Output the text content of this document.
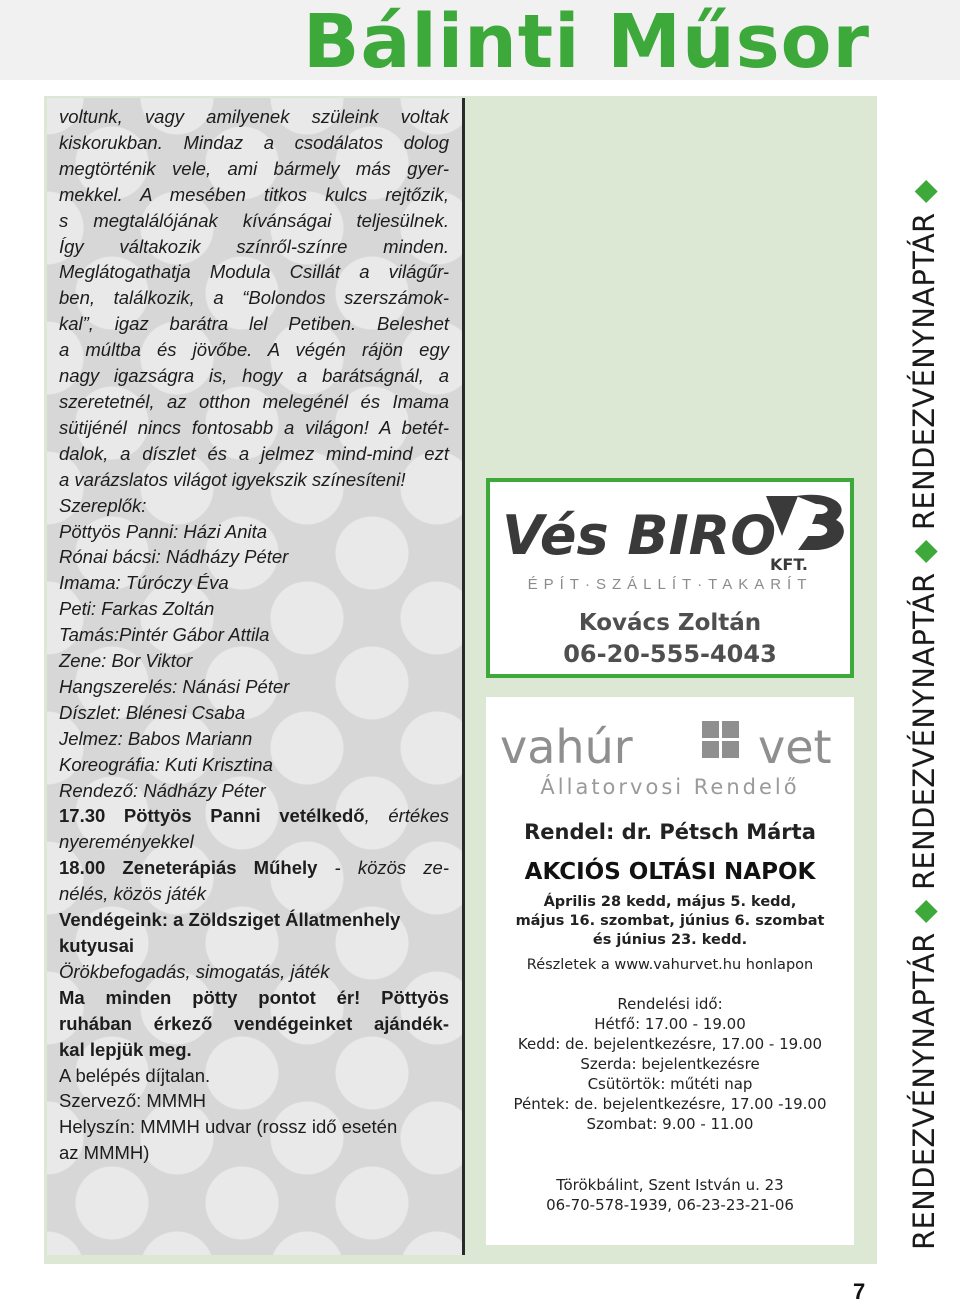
Bálinti Műsor

voltunk, vagy amilyenek szüleink voltak

kiskorukban. Mindaz a csodálatos dolog

megtörténik vele, ami bármely más gyer-

mekkel. A mesében titkos kulcs rejtőzik,

s megtalálójának kívánságai teljesülnek.

Így váltakozik színről-színre minden.

Meglátogathatja Modula Csillát a világűr-

ben, találkozik, a “Bolondos szerszámok-

kal”, igaz barátra lel Petiben. Beleshet

a múltba és jövőbe. A végén rájön egy

nagy igazságra is, hogy a barátságnál, a

szeretetnél, az otthon melegénél és Imama

sütijénél nincs fontosabb a világon! A betét-

dalok, a díszlet és a jelmez mind-mind ezt

a varázslatos világot igyekszik színesíteni!

Szereplők:

Pöttyös Panni: Házi Anita

Rónai bácsi: Nádházy Péter

Imama: Túróczy Éva

Peti: Farkas Zoltán

Tamás:Pintér Gábor Attila

Zene: Bor Viktor

Hangszerelés: Nánási Péter

Díszlet: Blénesi Csaba

Jelmez: Babos Mariann

Koreográfia: Kuti Krisztina

Rendező: Nádházy Péter

17.30 Pöttyös Panni vetélkedő, értékes

nyereményekkel

18.00 Zeneterápiás Műhely - közös ze-

nélés, közös játék

Vendégeink: a Zöldsziget Állatmenhely

kutyusai

Örökbefogadás, simogatás, játék

Ma minden pötty pontot ér! Pöttyös

ruhában érkező vendégeinket ajándék-

kal lepjük meg.

A belépés díjtalan.

Szervező: MMMH

Helyszín: MMMH udvar (rossz idő esetén

az MMMH)

Vés BIRO
KFT.
ÉPÍT·SZÁLLÍT·TAKARÍT
Kovács Zoltán
06-20-555-4043
vahúr	vet
Állatorvosi Rendelő
Rendel: dr. Pétsch Márta
AKCIÓS OLTÁSI NAPOK
Április 28 kedd, május 5. kedd,
május 16. szombat, június 6. szombat
és június 23. kedd.
Részletek a www.vahurvet.hu honlapon
Rendelési idő:
Hétfő: 17.00 - 19.00
Kedd: de. bejelentkezésre, 17.00 - 19.00
Szerda: bejelentkezésre
Csütörtök: műtéti nap
Péntek: de. bejelentkezésre, 17.00 -19.00
Szombat: 9.00 - 11.00
Törökbálint, Szent István u. 23
06-70-578-1939, 06-23-23-21-06	RENDEZVÉNYNAPTÁR ◆ RENDEZVÉNYNAPTÁR ◆ RENDEZVÉNYNAPTÁR ◆
7
